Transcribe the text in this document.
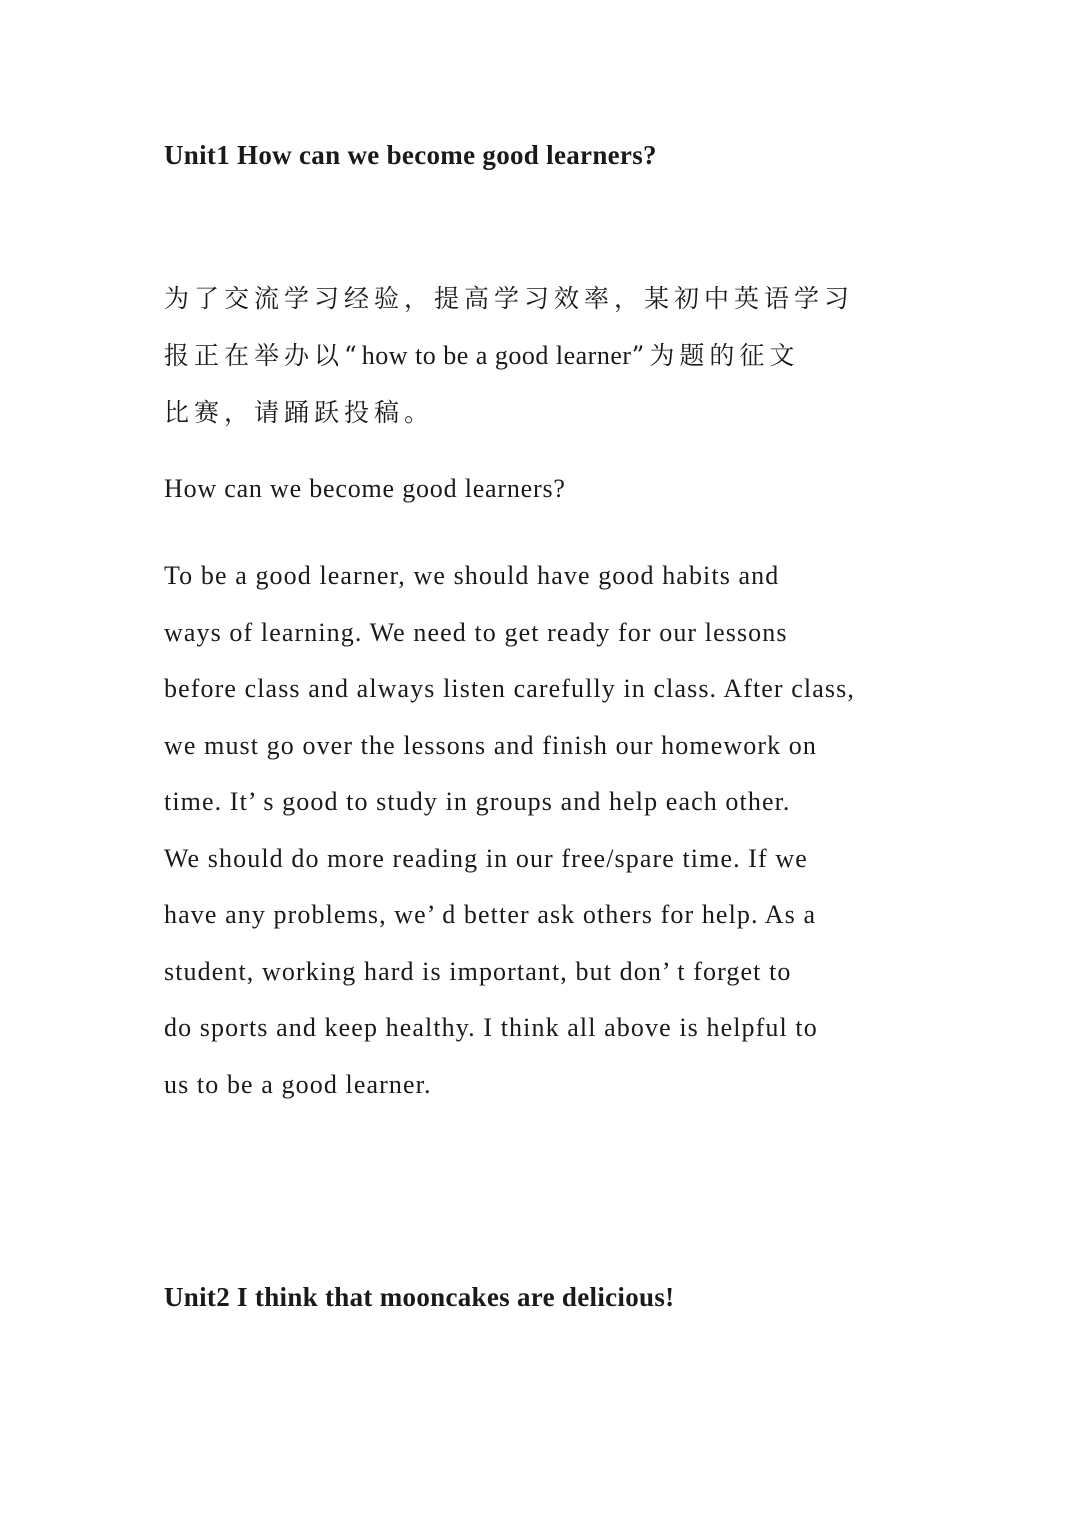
Unit1 How can we become good learners?
为了交流学习经验，提高学习效率，某初中英语学习
报正在举办以“how to be a good learner”为题的征文
比赛，请踊跃投稿。
How can we become good learners?
To be a good learner, we should have good habits and
ways of learning. We need to get ready for our lessons
before class and always listen carefully in class. After class,
we must go over the lessons and finish our homework on
time. It’ s good to study in groups and help each other.
We should do more reading in our free/spare time. If we
have any problems, we’ d better ask others for help. As a
student, working hard is important, but don’ t forget to
do sports and keep healthy. I think all above is helpful to
us to be a good learner.
Unit2 I think that mooncakes are delicious!
